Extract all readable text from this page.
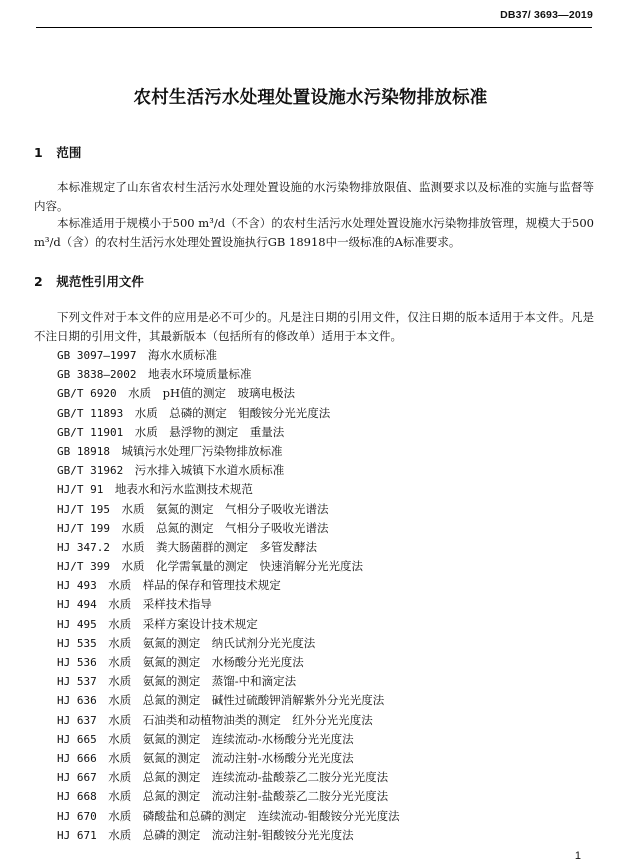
DB37/ 3693—2019
农村生活污水处理处置设施水污染物排放标准
1 范围

本标准规定了山东省农村生活污水处理处置设施的水污染物排放限值、监测要求以及标准的实施与监督等内容。

本标准适用于规模小于500 m³/d（不含）的农村生活污水处理处置设施水污染物排放管理，规模大于500 m³/d（含）的农村生活污水处理处置设施执行GB 18918中一级标准的A标准要求。

2 规范性引用文件

下列文件对于本文件的应用是必不可少的。凡是注日期的引用文件，仅注日期的版本适用于本文件。凡是不注日期的引用文件，其最新版本（包括所有的修改单）适用于本文件。

GB 3097—1997　 海水水质标准
GB 3838—2002　 地表水环境质量标准
GB/T 6920　 水质　pH值的测定　玻璃电极法
GB/T 11893　 水质　总磷的测定　钼酸铵分光光度法
GB/T 11901　 水质　悬浮物的测定　重量法
GB 18918　 城镇污水处理厂污染物排放标准
GB/T 31962　 污水排入城镇下水道水质标准
HJ/T 91　 地表水和污水监测技术规范
HJ/T 195　 水质　氨氮的测定　气相分子吸收光谱法
HJ/T 199　 水质　总氮的测定　气相分子吸收光谱法
HJ 347.2　 水质　粪大肠菌群的测定　多管发酵法
HJ/T 399　 水质　化学需氧量的测定　快速消解分光光度法
HJ 493　 水质　样品的保存和管理技术规定
HJ 494　 水质　采样技术指导
HJ 495　 水质　采样方案设计技术规定
HJ 535　 水质　氨氮的测定　纳氏试剂分光光度法
HJ 536　 水质　氨氮的测定　水杨酸分光光度法
HJ 537　 水质　氨氮的测定　蒸馏-中和滴定法
HJ 636　 水质　总氮的测定　碱性过硫酸钾消解紫外分光光度法
HJ 637　 水质　石油类和动植物油类的测定　红外分光光度法
HJ 665　 水质　氨氮的测定　连续流动-水杨酸分光光度法
HJ 666　 水质　氨氮的测定　流动注射-水杨酸分光光度法
HJ 667　 水质　总氮的测定　连续流动-盐酸萘乙二胺分光光度法
HJ 668　 水质　总氮的测定　流动注射-盐酸萘乙二胺分光光度法
HJ 670　 水质　磷酸盐和总磷的测定　连续流动-钼酸铵分光光度法
HJ 671　 水质　总磷的测定　流动注射-钼酸铵分光光度法
1
